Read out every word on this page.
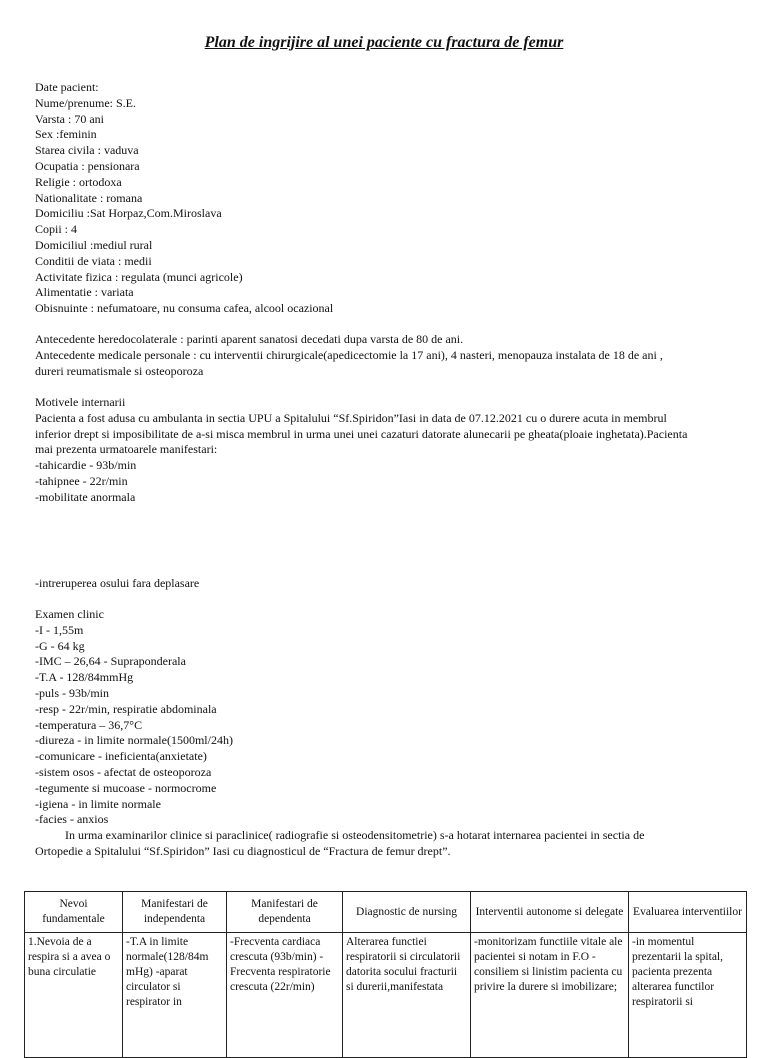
Plan de ingrijire al unei paciente cu fractura de femur
Date pacient:
Nume/prenume: S.E.
Varsta : 70 ani
Sex :feminin
Starea civila : vaduva
Ocupatia : pensionara
Religie : ortodoxa
Nationalitate : romana
Domiciliu :Sat Horpaz,Com.Miroslava
Copii : 4
Domiciliul :mediul rural
Conditii de viata : medii
Activitate fizica : regulata (munci agricole)
Alimentatie : variata
Obisnuinte : nefumatoare, nu consuma cafea, alcool ocazional
Antecedente heredocolaterale : parinti aparent sanatosi decedati dupa varsta de 80 de ani.
Antecedente medicale personale : cu interventii chirurgicale(apedicectomie la 17 ani), 4 nasteri, menopauza instalata de 18 de ani ,
dureri reumatismale si osteoporoza
Motivele internarii
Pacienta a fost adusa cu ambulanta in sectia UPU a Spitalului “Sf.Spiridon”Iasi in data de 07.12.2021 cu o durere acuta in membrul
inferior drept si imposibilitate de a-si misca membrul in urma unei unei cazaturi datorate alunecarii pe gheata(ploaie inghetata).Pacienta
mai prezenta urmatoarele manifestari:
-tahicardie - 93b/min
-tahipnee - 22r/min
-mobilitate anormala
-intreruperea osului fara deplasare
Examen clinic
-I - 1,55m
-G - 64 kg
-IMC – 26,64 - Supraponderala
-T.A - 128/84mmHg
-puls - 93b/min
-resp - 22r/min, respiratie abdominala
-temperatura – 36,7°C
-diureza - in limite normale(1500ml/24h)
-comunicare - ineficienta(anxietate)
-sistem osos - afectat de osteoporoza
-tegumente si mucoase - normocrome
-igiena - in limite normale
-facies - anxios
In urma examinarilor clinice si paraclinice( radiografie si osteodensitometrie) s-a hotarat internarea pacientei in sectia de
Ortopedie a Spitalului “Sf.Spiridon” Iasi cu diagnosticul de “Fractura de femur drept”.
Nevoi fundamentale	Manifestari de independenta	Manifestari de dependenta	Diagnostic de nursing	Interventii autonome si delegate	Evaluarea interventiilor
1.Nevoia de a respira si a avea o buna circulatie	-T.A in limite normale(128/84m mHg) -aparat circulator si respirator in	-Frecventa cardiaca crescuta (93b/min) -Frecventa respiratorie crescuta (22r/min)	Alterarea functiei respiratorii si circulatorii datorita socului fracturii si durerii,manifestata	-monitorizam functiile vitale ale pacientei si notam in F.O -consiliem si linistim pacienta cu privire la durere si imobilizare;	-in momentul prezentarii la spital, pacienta prezenta alterarea functilor respiratorii si
